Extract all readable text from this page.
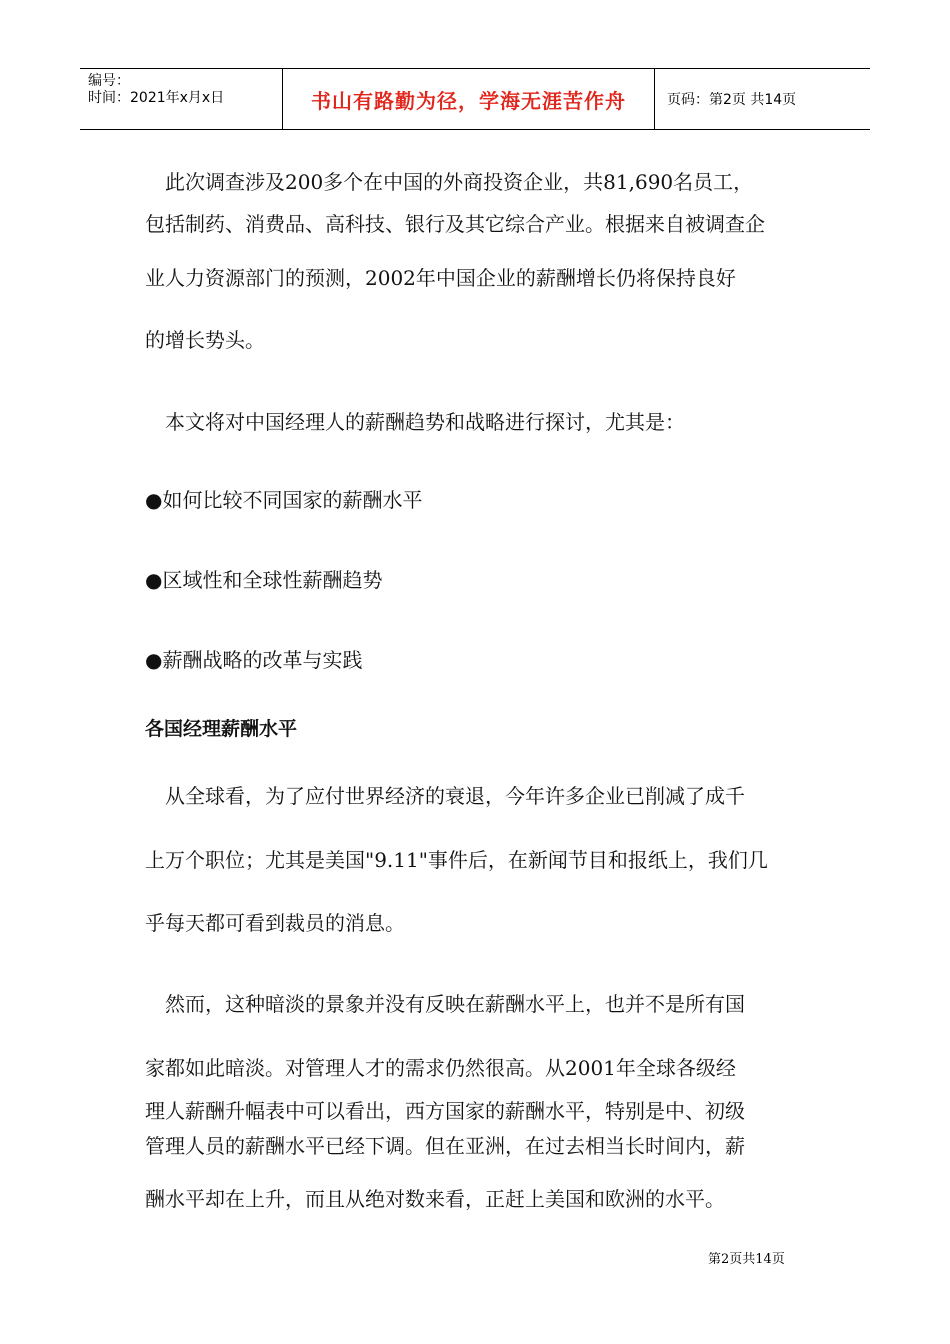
编号：
时间：2021年x月x日	书山有路勤为径，学海无涯苦作舟	页码：第2页 共14页
　此次调查涉及200多个在中国的外商投资企业，共81,690名员工，
包括制药、消费品、高科技、银行及其它综合产业。根据来自被调查企
业人力资源部门的预测，2002年中国企业的薪酬增长仍将保持良好
的增长势头。
　本文将对中国经理人的薪酬趋势和战略进行探讨，尤其是：
●如何比较不同国家的薪酬水平
●区域性和全球性薪酬趋势
●薪酬战略的改革与实践
各国经理薪酬水平
　从全球看，为了应付世界经济的衰退，今年许多企业已削减了成千
上万个职位；尤其是美国"9.11"事件后，在新闻节目和报纸上，我们几
乎每天都可看到裁员的消息。
　然而，这种暗淡的景象并没有反映在薪酬水平上，也并不是所有国
家都如此暗淡。对管理人才的需求仍然很高。从2001年全球各级经
理人薪酬升幅表中可以看出，西方国家的薪酬水平，特别是中、初级
管理人员的薪酬水平已经下调。但在亚洲，在过去相当长时间内，薪
酬水平却在上升，而且从绝对数来看，正赶上美国和欧洲的水平。
第2页共14页
